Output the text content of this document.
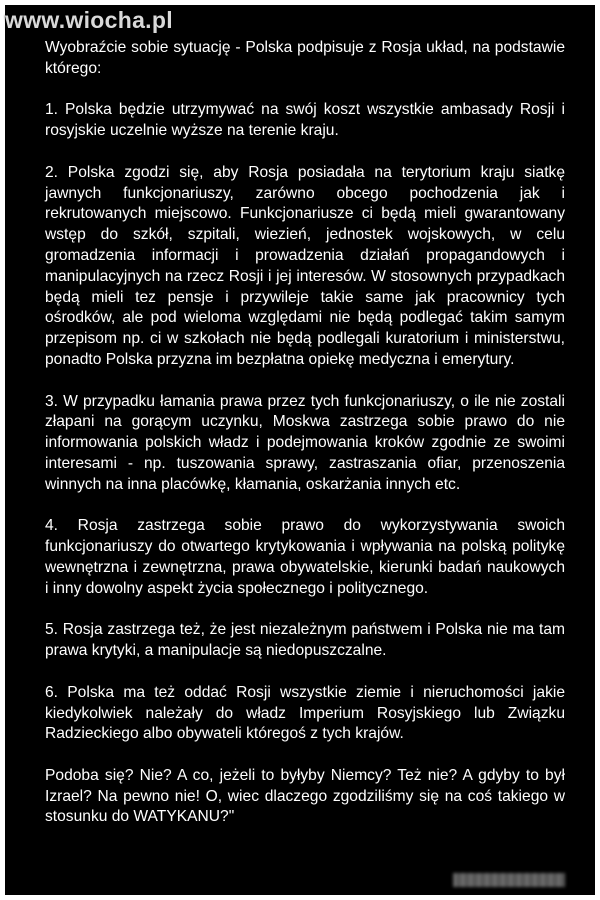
Wyobraźcie sobie sytuację - Polska podpisuje z Rosja układ, na podstawie którego:

1. Polska będzie utrzymywać na swój koszt wszystkie ambasady Rosji i rosyjskie uczelnie wyższe na terenie kraju.

2. Polska zgodzi się, aby Rosja posiadała na terytorium kraju siatkę jawnych funkcjonariuszy, zarówno obcego pochodzenia jak i rekrutowanych miejscowo. Funkcjonariusze ci będą mieli gwarantowany wstęp do szkół, szpitali, wiezień, jednostek wojskowych, w celu gromadzenia informacji i prowadzenia działań propagandowych i manipulacyjnych na rzecz Rosji i jej interesów. W stosownych przypadkach będą mieli tez pensje i przywileje takie same jak pracownicy tych ośrodków, ale pod wieloma względami nie będą podlegać takim samym przepisom np. ci w szkołach nie będą podlegali kuratorium i ministerstwu, ponadto Polska przyzna im bezpłatna opiekę medyczna i emerytury.

3. W przypadku łamania prawa przez tych funkcjonariuszy, o ile nie zostali złapani na gorącym uczynku, Moskwa zastrzega sobie prawo do nie informowania polskich władz i podejmowania kroków zgodnie ze swoimi interesami - np. tuszowania sprawy, zastraszania ofiar, przenoszenia winnych na inna placówkę, kłamania, oskarżania innych etc.

4. Rosja zastrzega sobie prawo do wykorzystywania swoich funkcjonariuszy do otwartego krytykowania i wpływania na polską politykę wewnętrzna i zewnętrzna, prawa obywatelskie, kierunki badań naukowych i inny dowolny aspekt życia społecznego i politycznego.

5. Rosja zastrzega też, że jest niezależnym państwem i Polska nie ma tam prawa krytyki, a manipulacje są niedopuszczalne.

6. Polska ma też oddać Rosji wszystkie ziemie i nieruchomości jakie kiedykolwiek należały do władz Imperium Rosyjskiego lub Związku Radzieckiego albo obywateli któregoś z tych krajów.

Podoba się? Nie? A co, jeżeli to byłyby Niemcy? Też nie? A gdyby to był Izrael? Na pewno nie! O, wiec dlaczego zgodziliśmy się na coś takiego w stosunku do WATYKANU?"

www.wiocha.pl
